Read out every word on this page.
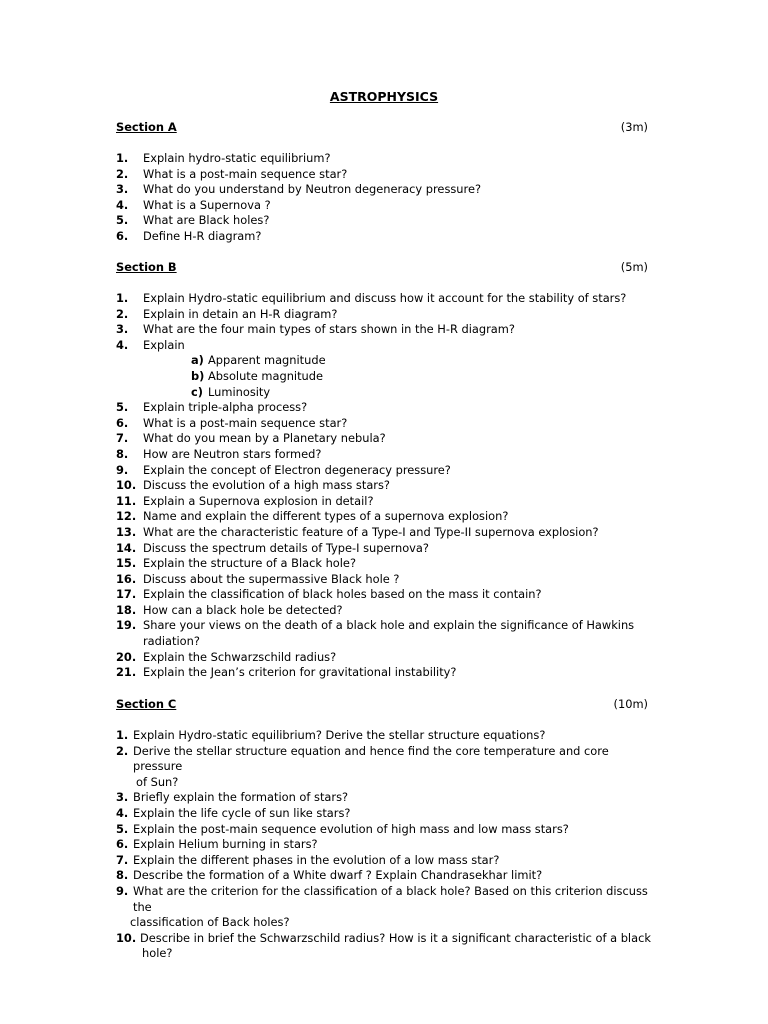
ASTROPHYSICS
Section A	(3m)
1.	Explain hydro-static equilibrium?
2.	What is a post-main sequence star?
3.	What do you understand by Neutron degeneracy pressure?
4.	What is a Supernova ?
5.	What are Black holes?
6.	Define H-R diagram?
Section B	(5m)
1.	Explain Hydro-static equilibrium and discuss how it account for the stability of stars?
2.	Explain in detain an H-R diagram?
3.	What are the four main types of stars shown in the H-R diagram?
4.	Explain
a) Apparent magnitude
b) Absolute magnitude
c) Luminosity
5.	Explain triple-alpha process?
6.	What is a post-main sequence star?
7.	What do you mean by a Planetary nebula?
8.	How are Neutron stars formed?
9.	Explain the concept of Electron degeneracy pressure?
10. Discuss the evolution of a high mass stars?
11. Explain a Supernova explosion in detail?
12. Name and explain the different types of a supernova explosion?
13. What are the characteristic feature of a Type-I and Type-II supernova explosion?
14. Discuss the spectrum details of Type-I supernova?
15. Explain the structure of a Black hole?
16. Discuss about the supermassive Black hole ?
17. Explain the classification of black holes based on the mass it contain?
18. How can a black hole be detected?
19. Share your views on the death of a black hole and explain the significance of Hawkins
radiation?
20. Explain the Schwarzschild radius?
21. Explain the Jean’s criterion for gravitational instability?
Section C	(10m)
1. Explain Hydro-static equilibrium? Derive the stellar structure equations?
2. Derive the stellar structure equation and hence find the core temperature and core pressure
of Sun?
3. Briefly explain the formation of stars?
4. Explain the life cycle of sun like stars?
5. Explain the post-main sequence evolution of high mass and low mass stars?
6. Explain Helium burning in stars?
7. Explain the different phases in the evolution of a low mass star?
8. Describe the formation of a White dwarf ? Explain Chandrasekhar limit?
9. What are the criterion for the classification of a black hole? Based on this criterion discuss the
classification of Back holes?
10. Describe in brief the Schwarzschild radius? How is it a significant characteristic of a black
hole?
